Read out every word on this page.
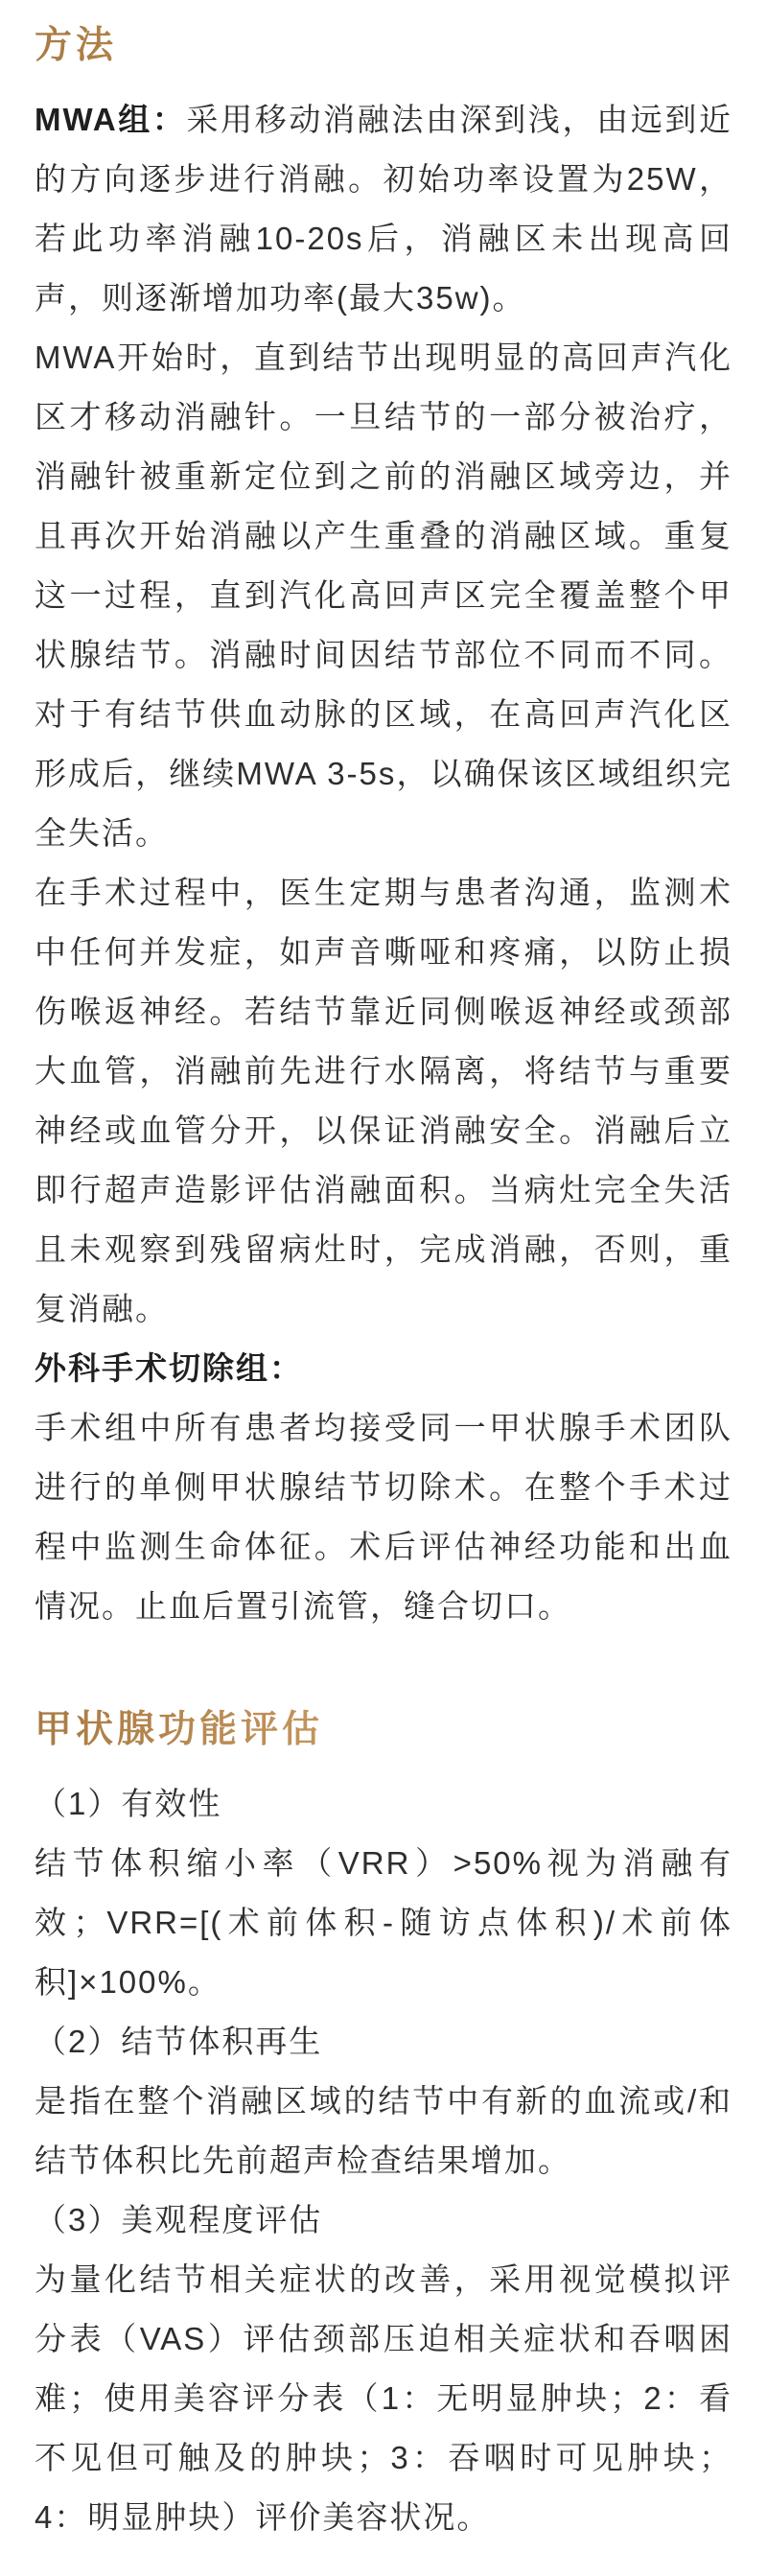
方法

MWA组：采用移动消融法由深到浅，由远到近的方向逐步进行消融。初始功率设置为25W，若此功率消融10-20s后，消融区未出现高回声，则逐渐增加功率(最大35w)。

MWA开始时，直到结节出现明显的高回声汽化区才移动消融针。一旦结节的一部分被治疗，消融针被重新定位到之前的消融区域旁边，并且再次开始消融以产生重叠的消融区域。重复这一过程，直到汽化高回声区完全覆盖整个甲状腺结节。消融时间因结节部位不同而不同。对于有结节供血动脉的区域，在高回声汽化区形成后，继续MWA 3-5s，以确保该区域组织完全失活。

在手术过程中，医生定期与患者沟通，监测术中任何并发症，如声音嘶哑和疼痛，以防止损伤喉返神经。若结节靠近同侧喉返神经或颈部大血管，消融前先进行水隔离，将结节与重要神经或血管分开，以保证消融安全。消融后立即行超声造影评估消融面积。当病灶完全失活且未观察到残留病灶时，完成消融，否则，重复消融。

外科手术切除组：

手术组中所有患者均接受同一甲状腺手术团队进行的单侧甲状腺结节切除术。在整个手术过程中监测生命体征。术后评估神经功能和出血情况。止血后置引流管，缝合切口。

甲状腺功能评估

（1）有效性

结节体积缩小率（VRR）>50%视为消融有效；VRR=[(术前体积-随访点体积)/术前体积]×100%。

（2）结节体积再生

是指在整个消融区域的结节中有新的血流或/和结节体积比先前超声检查结果增加。

（3）美观程度评估

为量化结节相关症状的改善，采用视觉模拟评分表（VAS）评估颈部压迫相关症状和吞咽困难；使用美容评分表（1：无明显肿块；2：看不见但可触及的肿块；3：吞咽时可见肿块；4：明显肿块）评价美容状况。
